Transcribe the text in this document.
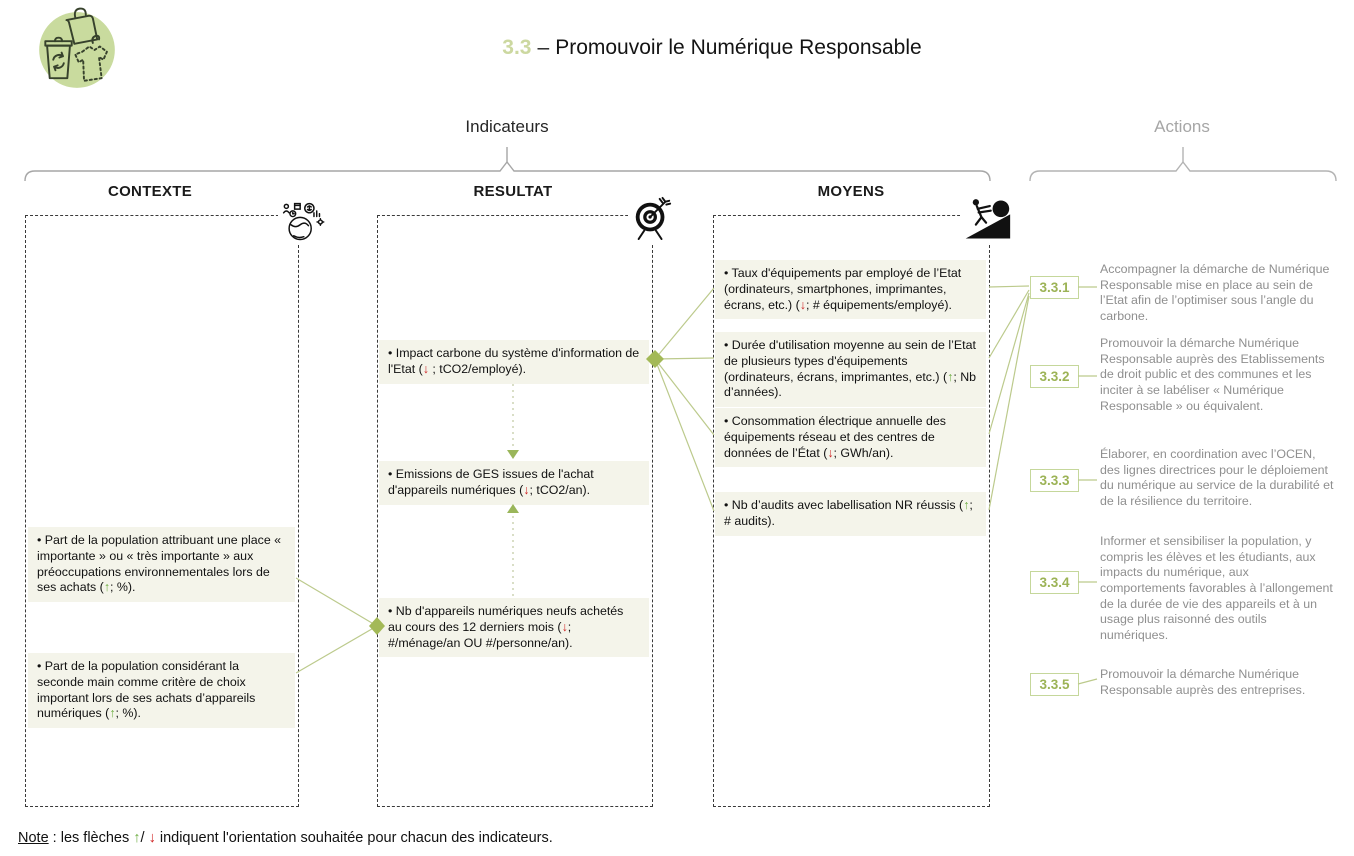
3.3 – Promouvoir le Numérique Responsable
Indicateurs	Actions
CONTEXTE	RESULTAT	MOYENS
• Part de la population attribuant une place « importante » ou « très importante » aux préoccupations environnementales lors de ses achats (↑; %).
• Part de la population considérant la seconde main comme critère de choix important lors de ses achats d’appareils numériques (↑; %).
• Impact carbone du système d'information de l'Etat (↓ ; tCO2/employé).
• Emissions de GES issues de l'achat d'appareils numériques (↓; tCO2/an).
• Nb d'appareils numériques neufs achetés au cours des 12 derniers mois (↓; #/ménage/an OU #/personne/an).
• Taux d'équipements par employé de l’Etat (ordinateurs, smartphones, imprimantes, écrans, etc.) (↓; # équipements/employé).
• Durée d'utilisation moyenne au sein de l’Etat de plusieurs types d'équipements (ordinateurs, écrans, imprimantes, etc.) (↑; Nb d’années).
• Consommation électrique annuelle des équipements réseau et des centres de données de l’État (↓; GWh/an).
• Nb d’audits avec labellisation NR réussis (↑; # audits).
3.3.1
Accompagner la démarche de Numérique Responsable mise en place au sein de l’Etat afin de l’optimiser sous l’angle du carbone.
3.3.2
Promouvoir la démarche Numérique Responsable auprès des Etablissements de droit public et des communes et les inciter à se labéliser « Numérique Responsable » ou équivalent.
3.3.3
Élaborer, en coordination avec l’OCEN, des lignes directrices pour le déploiement du numérique au service de la durabilité et de la résilience du territoire.
3.3.4
Informer et sensibiliser la population, y compris les élèves et les étudiants, aux impacts du numérique, aux comportements favorables à l’allongement de la durée de vie des appareils et à un usage plus raisonné des outils numériques.
3.3.5
Promouvoir la démarche Numérique Responsable auprès des entreprises.
Note : les flèches ↑/ ↓ indiquent l'orientation souhaitée pour chacun des indicateurs.
